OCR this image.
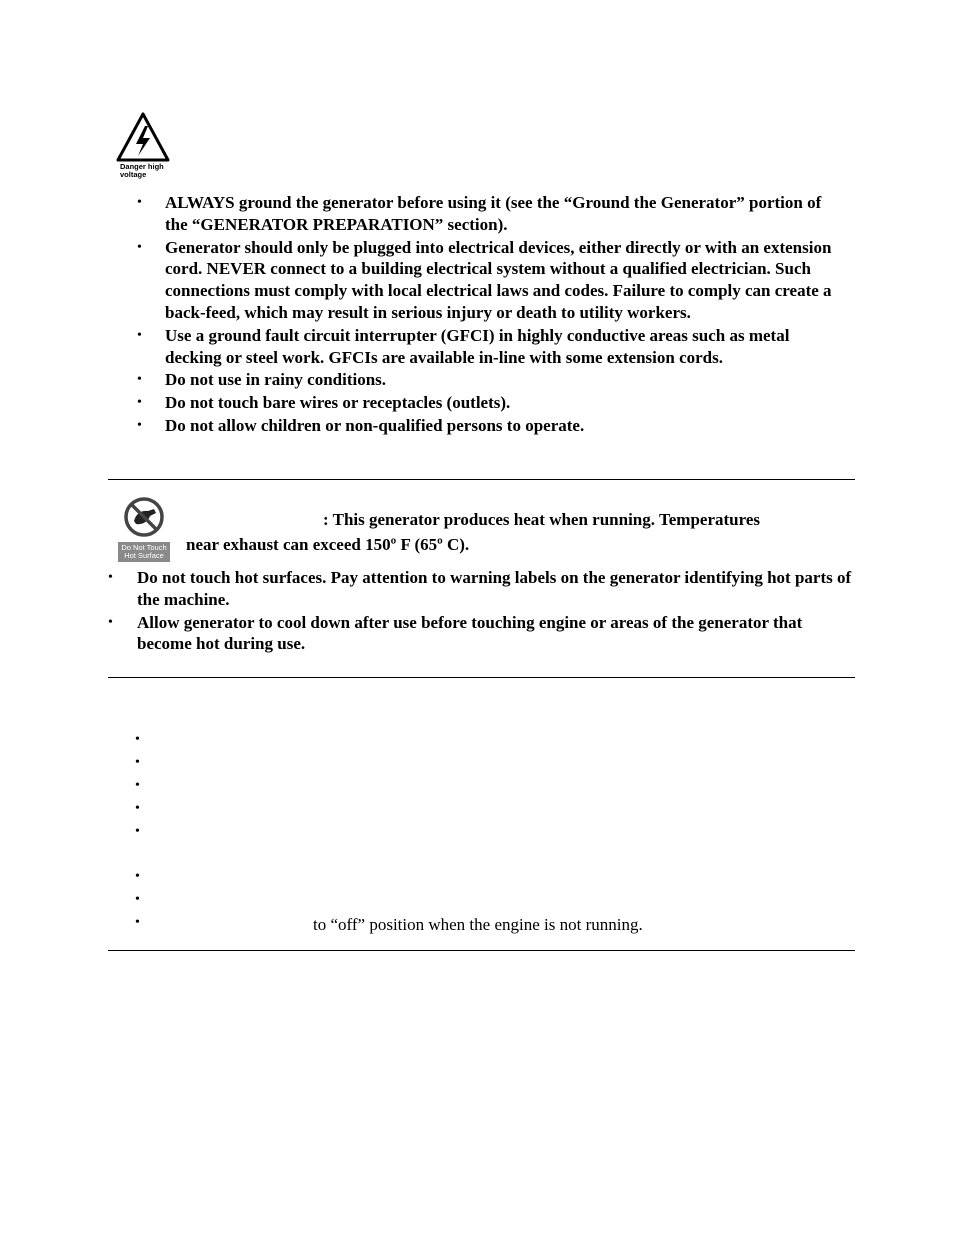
Danger high voltage
• ALWAYS ground the generator before using it (see the “Ground the Generator” portion of the “GENERATOR PREPARATION” section).
• Generator should only be plugged into electrical devices, either directly or with an extension cord. NEVER connect to a building electrical system without a qualified electrician. Such connections must comply with local electrical laws and codes. Failure to comply can create a back-feed, which may result in serious injury or death to utility workers.
• Use a ground fault circuit interrupter (GFCI) in highly conductive areas such as metal decking or steel work. GFCIs are available in-line with some extension cords.
• Do not use in rainy conditions.
• Do not touch bare wires or receptacles (outlets).
• Do not allow children or non-qualified persons to operate.
Do Not Touch Hot Surface
: This generator produces heat when running. Temperatures
near exhaust can exceed 150º F (65º C).
• Do not touch hot surfaces. Pay attention to warning labels on the generator identifying hot parts of the machine.
• Allow generator to cool down after use before touching engine or areas of the generator that become hot during use.
•
•
•
•
•
•
•
•	to “off” position when the engine is not running.
